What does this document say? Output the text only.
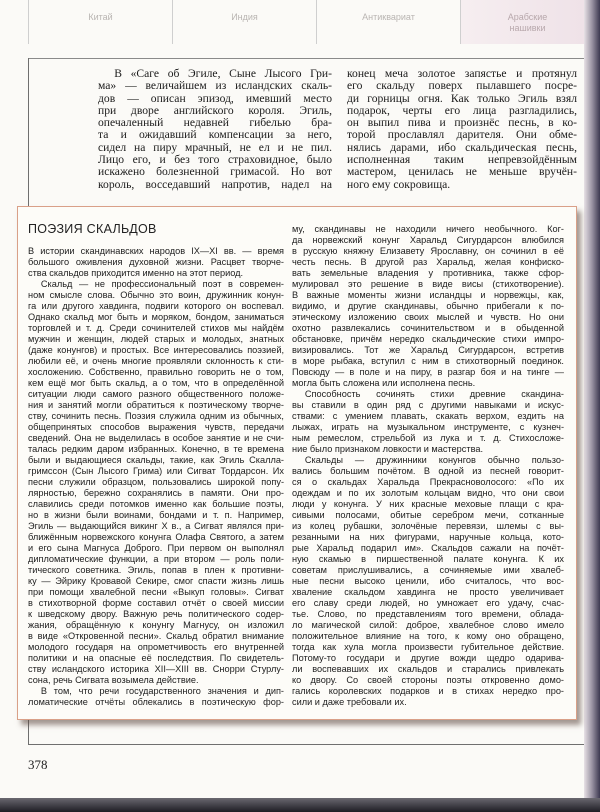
Китай	Индия	Антиквариат	Арабские нашивки
В «Саге об Эгиле, Сыне Лысого Гри-
ма» — величайшем из исландских скаль-
дов — описан эпизод, имевший место
при дворе английского короля. Эгиль,
опечаленный недавней гибелью бра-
та и ожидавший компенсации за него,
сидел на пиру мрачный, не ел и не пил.
Лицо его, и без того страховидное, было
искажено болезненной гримасой. Но вот
король, восседавший напротив, надел на
конец меча золотое запястье и протянул
его скальду поверх пылавшего посре-
ди горницы огня. Как только Эгиль взял
подарок, черты его лица разгладились,
он выпил пива и произнёс песнь, в ко-
торой прославлял дарителя. Они обме-
нялись дарами, ибо скальдическая песнь,
исполненная таким непревзойдённым
мастером, ценилась не меньше вручён-
ного ему сокровища.
ПОЭЗИЯ СКАЛЬДОВ
В истории скандинавских народов IX—XI вв. — время
большого оживления духовной жизни. Расцвет творче-
ства скальдов приходится именно на этот период.
Скальд — не профессиональный поэт в современ-
ном смысле слова. Обычно это воин, дружинник конун-
га или другого хавдинга, подвиги которого он воспевал.
Однако скальд мог быть и моряком, бондом, заниматься
торговлей и т. д. Среди сочинителей стихов мы найдём
мужчин и женщин, людей старых и молодых, знатных
(даже конунгов) и простых. Все интересовались поэзией,
любили её, и очень многие проявляли склонность к сти-
хосложению. Собственно, правильно говорить не о том,
кем ещё мог быть скальд, а о том, что в определённой
ситуации люди самого разного общественного положе-
ния и занятий могли обратиться к поэтическому творче-
ству, сочинить песнь. Поэзия служила одним из обычных,
общепринятых способов выражения чувств, передачи
сведений. Она не выделилась в особое занятие и не счи-
талась редким даром избранных. Конечно, в те времена
были и выдающиеся скальды, такие, как Эгиль Скалла-
гримссон (Сын Лысого Грима) или Сигват Тордарсон. Их
песни служили образцом, пользовались широкой попу-
лярностью, бережно сохранялись в памяти. Они про-
славились среди потомков именно как большие поэты,
но в жизни были воинами, бондами и т. п. Например,
Эгиль — выдающийся викинг X в., а Сигват являлся при-
ближённым норвежского конунга Олафа Святого, а затем
и его сына Магнуса Доброго. При первом он выполнял
дипломатические функции, а при втором — роль поли-
тического советника. Эгиль, попав в плен к противни-
ку — Эйрику Кровавой Секире, смог спасти жизнь лишь
при помощи хвалебной песни «Выкуп головы». Сигват
в стихотворной форме составил отчёт о своей миссии
к шведскому двору. Важную речь политического содер-
жания, обращённую к конунгу Магнусу, он изложил
в виде «Откровенной песни». Скальд обратил внимание
молодого государя на опрометчивость его внутренней
политики и на опасные её последствия. По свидетель-
ству исландского историка XII—XIII вв. Снорри Стурлу-
сона, речь Сигвата возымела действие.
В том, что речи государственного значения и дип-
ломатические отчёты облекались в поэтическую фор-
му, скандинавы не находили ничего необычного. Ког-
да норвежский конунг Харальд Сигурдарсон влюбился
в русскую княжну Елизавету Ярославну, он сочинил в её
честь песнь. В другой раз Харальд, желая конфиско-
вать земельные владения у противника, также сфор-
мулировал это решение в виде висы (стихотворение).
В важные моменты жизни исландцы и норвежцы, как,
видимо, и другие скандинавы, обычно прибегали к по-
этическому изложению своих мыслей и чувств. Но они
охотно развлекались сочинительством и в обыденной
обстановке, причём нередко скальдические стихи импро-
визировались. Тот же Харальд Сигурдарсон, встретив
в море рыбака, вступил с ним в стихотворный поединок.
Повсюду — в поле и на пиру, в разгар боя и на тинге —
могла быть сложена или исполнена песнь.
Способность сочинять стихи древние скандина-
вы ставили в один ряд с другими навыками и искус-
ствами: с умением плавать, скакать верхом, ездить на
лыжах, играть на музыкальном инструменте, с кузнеч-
ным ремеслом, стрельбой из лука и т. д. Стихосложе-
ние было признаком ловкости и мастерства.
Скальды — дружинники конунгов обычно пользо-
вались большим почётом. В одной из песней говорит-
ся о скальдах Харальда Прекрасноволосого: «По их
одеждам и по их золотым кольцам видно, что они свои
люди у конунга. У них красные меховые плащи с кра-
сивыми полосами, обитые серебром мечи, сотканные
из колец рубашки, золочёные перевязи, шлемы с вы-
резанными на них фигурами, наручные кольца, кото-
рые Харальд подарил им». Скальдов сажали на почёт-
ную скамью в пиршественной палате конунга. К их
советам прислушивались, а сочиняемые ими хвалеб-
ные песни высоко ценили, ибо считалось, что вос-
хваление скальдом хавдинга не просто увеличивает
его славу среди людей, но умножает его удачу, счас-
тье. Слово, по представлениям того времени, облада-
ло магической силой: доброе, хвалебное слово имело
положительное влияние на того, к кому оно обращено,
тогда как хула могла произвести губительное действие.
Потому-то государи и другие вожди щедро одарива-
ли воспевавших их скальдов и старались привлекать
ко двору. Со своей стороны поэты откровенно домо-
гались королевских подарков и в стихах нередко про-
сили и даже требовали их.
378
